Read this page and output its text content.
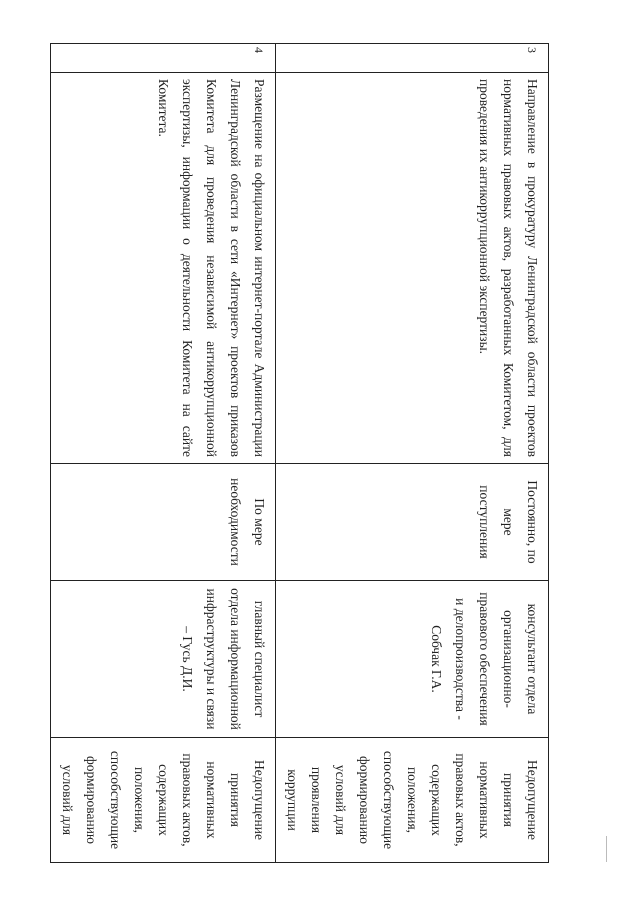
3	Направление в прокуратуру Ленинградской области проектов нормативных правовых актов, разработанных Комитетом, для проведения их антикоррупционной экспертизы.	Постоянно, по мере поступления	консультант отдела организационно-правового обеспечения и делопроизводства - Собчак Г.А.	Недопущение принятия нормативных правовых актов, содержащих положения, способствующие формированию условий для проявления коррупции
4	Размещение на официальном интернет-портале Администрации Ленинградской области в сети «Интернет» проектов приказов Комитета для проведения независимой антикоррупционной экспертизы, информации о деятельности Комитета на сайте Комитета.	По мере необходимости	главный специалист отдела информационной инфраструктуры и связи – Гусь Д.И.	Недопущение принятия нормативных правовых актов, содержащих положения, способствующие формированию условий для
